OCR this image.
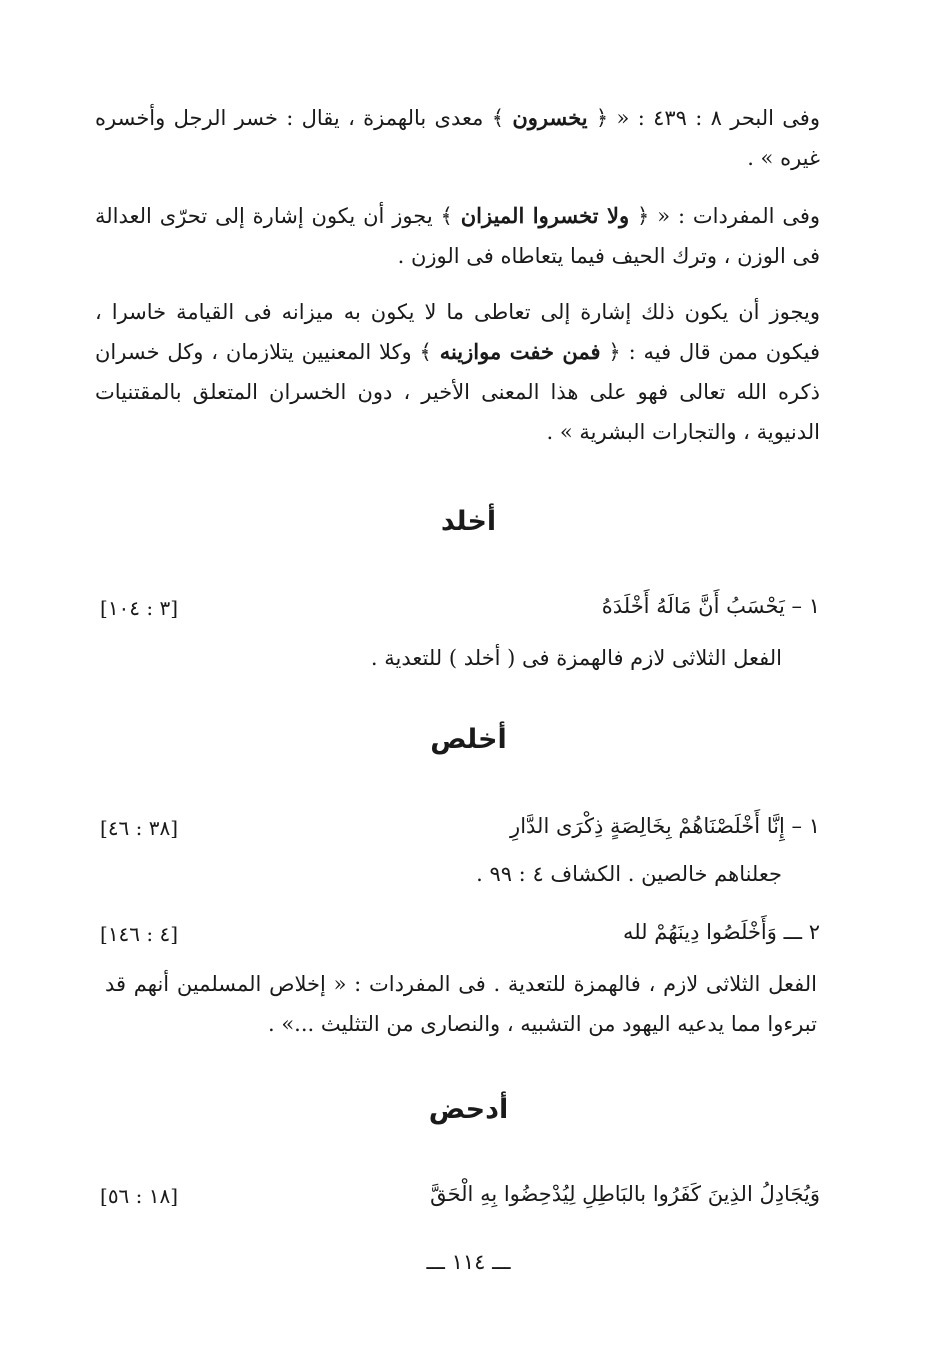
وفى البحر ٨ : ٤٣٩ : « ﴿ يخسرون ﴾ معدى بالهمزة ، يقال : خسر الرجل وأخسره غيره » .
وفى المفردات : « ﴿ ولا تخسروا الميزان ﴾ يجوز أن يكون إشارة إلى تحرّى العدالة فى الوزن ، وترك الحيف فيما يتعاطاه فى الوزن .
ويجوز أن يكون ذلك إشارة إلى تعاطى ما لا يكون به ميزانه فى القيامة خاسرا ، فيكون ممن قال فيه : ﴿ فمن خفت موازينه ﴾ وكلا المعنيين يتلازمان ، وكل خسران ذكره الله تعالى فهو على هذا المعنى الأخير ، دون الخسران المتعلق بالمقتنيات الدنيوية ، والتجارات البشرية » .
أخلد
١ – يَحْسَبُ أَنَّ مَالَهُ أَخْلَدَهُ
[٣ : ١٠٤]
الفعل الثلاثى لازم فالهمزة فى ( أخلد ) للتعدية .
أخلص
١ – إِنَّا أَخْلَصْنَاهُمْ بِخَالِصَةٍ ذِكْرَى الدَّارِ
[٣٨ : ٤٦]
جعلناهم خالصين . الكشاف ٤ : ٩٩ .
٢ ـــ وَأَخْلَصُوا دِينَهُمْ لله
[٤ : ١٤٦]
الفعل الثلاثى لازم ، فالهمزة للتعدية . فى المفردات : « إخلاص المسلمين أنهم قد تبرءوا مما يدعيه اليهود من التشبيه ، والنصارى من التثليث ...» .
أدحض
وَيُجَادِلُ الذِينَ كَفَرُوا بالبَاطِلِ لِيُدْحِضُوا بِهِ الْحَقَّ
[١٨ : ٥٦]
ـــ ١١٤ ـــ
